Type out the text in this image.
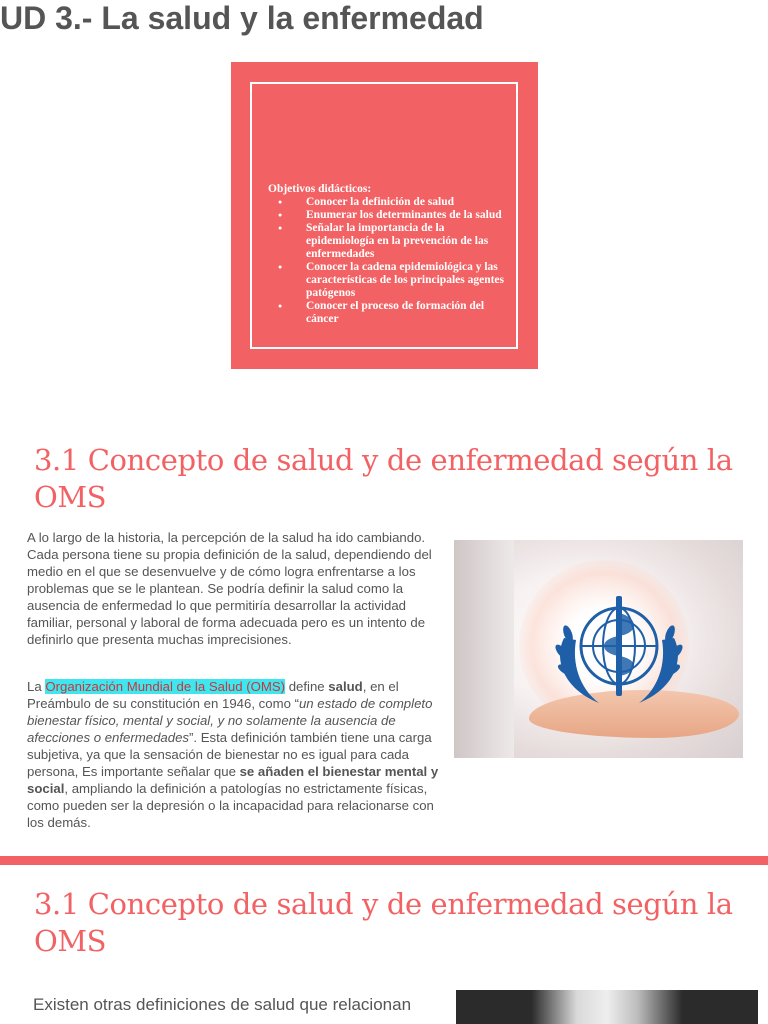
UD 3.- La salud y la enfermedad
Objetivos didácticos:
● Conocer la definición de salud
● Enumerar los determinantes de la salud
● Señalar la importancia de la epidemiología en la prevención de las enfermedades
● Conocer la cadena epidemiológica y las características de los principales agentes patógenos
● Conocer el proceso de formación del cáncer
3.1 Concepto de salud y de enfermedad según la OMS

A lo largo de la historia, la percepción de la salud ha ido cambiando. Cada persona tiene su propia definición de la salud, dependiendo del medio en el que se desenvuelve y de cómo logra enfrentarse a los problemas que se le plantean. Se podría definir la salud como la ausencia de enfermedad lo que permitiría desarrollar la actividad familiar, personal y laboral de forma adecuada pero es un intento de definirlo que presenta muchas imprecisiones.

La Organización Mundial de la Salud (OMS) define salud, en el Preámbulo de su constitución en 1946, como “un estado de completo bienestar físico, mental y social, y no solamente la ausencia de afecciones o enfermedades”. Esta definición también tiene una carga subjetiva, ya que la sensación de bienestar no es igual para cada persona, Es importante señalar que se añaden el bienestar mental y social, ampliando la definición a patologías no estrictamente físicas, como pueden ser la depresión o la incapacidad para relacionarse con los demás.

3.1 Concepto de salud y de enfermedad según la OMS

Existen otras definiciones de salud que relacionan
